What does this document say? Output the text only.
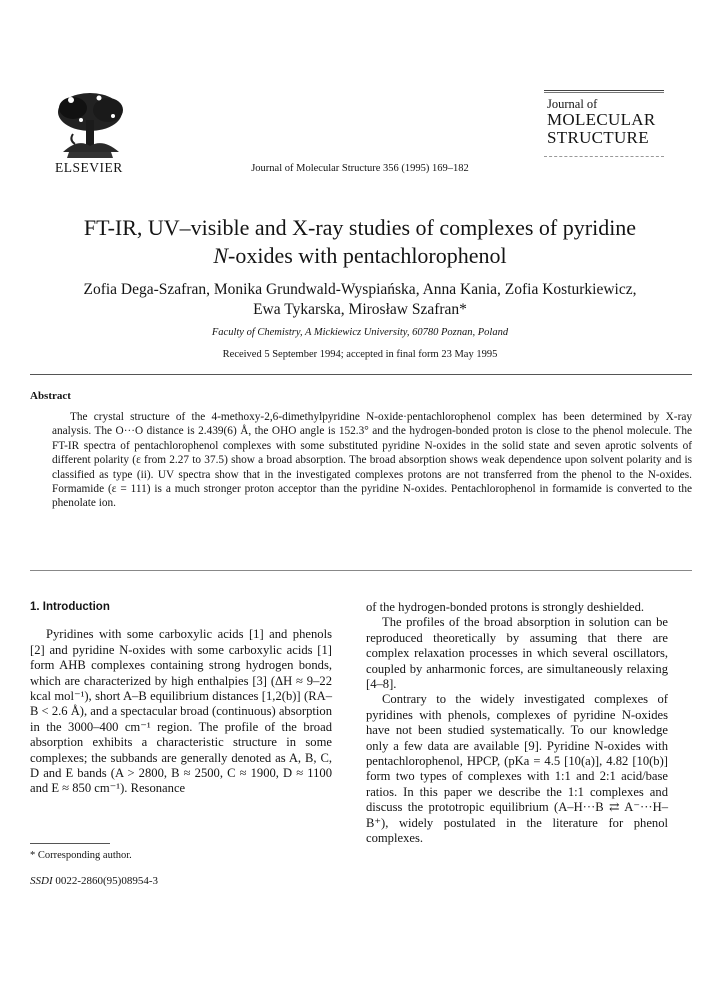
ELSEVIER	Journal of Molecular Structure 356 (1995) 169–182
Journal of
MOLECULAR
STRUCTURE
FT-IR, UV–visible and X-ray studies of complexes of pyridine
N-oxides with pentachlorophenol
Zofia Dega-Szafran, Monika Grundwald-Wyspiańska, Anna Kania, Zofia Kosturkiewicz,
Ewa Tykarska, Mirosław Szafran*
Faculty of Chemistry, A Mickiewicz University, 60780 Poznan, Poland
Received 5 September 1994; accepted in final form 23 May 1995
Abstract
The crystal structure of the 4-methoxy-2,6-dimethylpyridine N-oxide·pentachlorophenol complex has been determined by X-ray analysis. The O···O distance is 2.439(6) Å, the OHO angle is 152.3° and the hydrogen-bonded proton is close to the phenol molecule. The FT-IR spectra of pentachlorophenol complexes with some substituted pyridine N-oxides in the solid state and seven aprotic solvents of different polarity (ε from 2.27 to 37.5) show a broad absorption. The broad absorption shows weak dependence upon solvent polarity and is classified as type (ii). UV spectra show that in the investigated complexes protons are not transferred from the phenol to the N-oxides. Formamide (ε = 111) is a much stronger proton acceptor than the pyridine N-oxides. Pentachlorophenol in formamide is converted to the phenolate ion.
1. Introduction

Pyridines with some carboxylic acids [1] and phenols [2] and pyridine N-oxides with some carboxylic acids [1] form AHB complexes containing strong hydrogen bonds, which are characterized by high enthalpies [3] (ΔH ≈ 9–22 kcal mol⁻¹), short A–B equilibrium distances [1,2(b)] (RA–B < 2.6 Å), and a spectacular broad (continuous) absorption in the 3000–400 cm⁻¹ region. The profile of the broad absorption exhibits a characteristic structure in some complexes; the subbands are generally denoted as A, B, C, D and E bands (A > 2800, B ≈ 2500, C ≈ 1900, D ≈ 1100 and E ≈ 850 cm⁻¹). Resonance

of the hydrogen-bonded protons is strongly deshielded.

The profiles of the broad absorption in solution can be reproduced theoretically by assuming that there are complex relaxation processes in which several oscillators, coupled by anharmonic forces, are simultaneously relaxing [4–8].

Contrary to the widely investigated complexes of pyridines with phenols, complexes of pyridine N-oxides have not been studied systematically. To our knowledge only a few data are available [9]. Pyridine N-oxides with pentachlorophenol, HPCP, (pKa = 4.5 [10(a)], 4.82 [10(b)] form two types of complexes with 1:1 and 2:1 acid/base ratios. In this paper we describe the 1:1 complexes and discuss the prototropic equilibrium (A–H···B ⇄ A⁻···H–B⁺), widely postulated in the literature for phenol complexes.

* Corresponding author.
SSDI 0022-2860(95)08954-3
